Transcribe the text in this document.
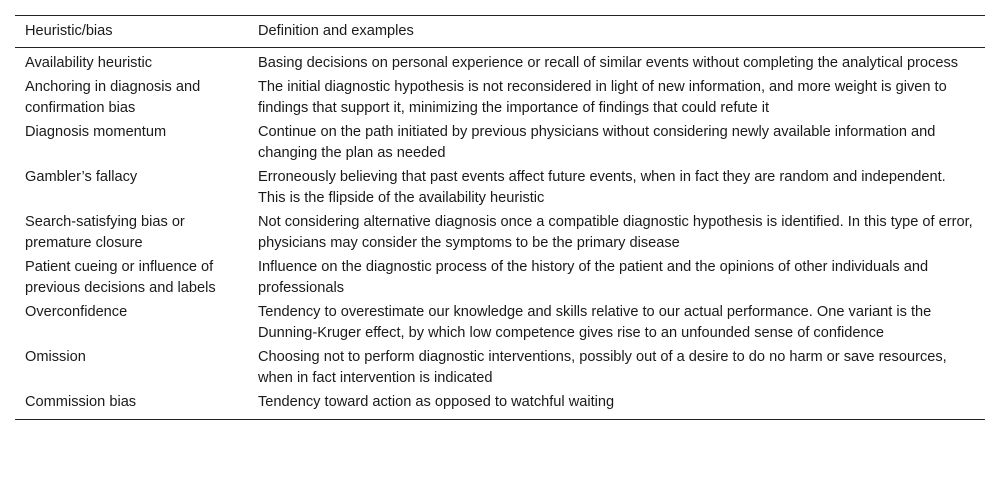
Heuristic/bias	Definition and examples
Availability heuristic	Basing decisions on personal experience or recall of similar events without completing the analytical process
Anchoring in diagnosis and confirmation bias	The initial diagnostic hypothesis is not reconsidered in light of new information, and more weight is given to findings that support it, minimizing the importance of findings that could refute it
Diagnosis momentum	Continue on the path initiated by previous physicians without considering newly available information and changing the plan as needed
Gambler’s fallacy	Erroneously believing that past events affect future events, when in fact they are random and independent. This is the flipside of the availability heuristic
Search-satisfying bias or premature closure	Not considering alternative diagnosis once a compatible diagnostic hypothesis is identified. In this type of error, physicians may consider the symptoms to be the primary disease
Patient cueing or influence of previous decisions and labels	Influence on the diagnostic process of the history of the patient and the opinions of other individuals and professionals
Overconfidence	Tendency to overestimate our knowledge and skills relative to our actual performance. One variant is the Dunning-Kruger effect, by which low competence gives rise to an unfounded sense of confidence
Omission	Choosing not to perform diagnostic interventions, possibly out of a desire to do no harm or save resources, when in fact intervention is indicated
Commission bias	Tendency toward action as opposed to watchful waiting
